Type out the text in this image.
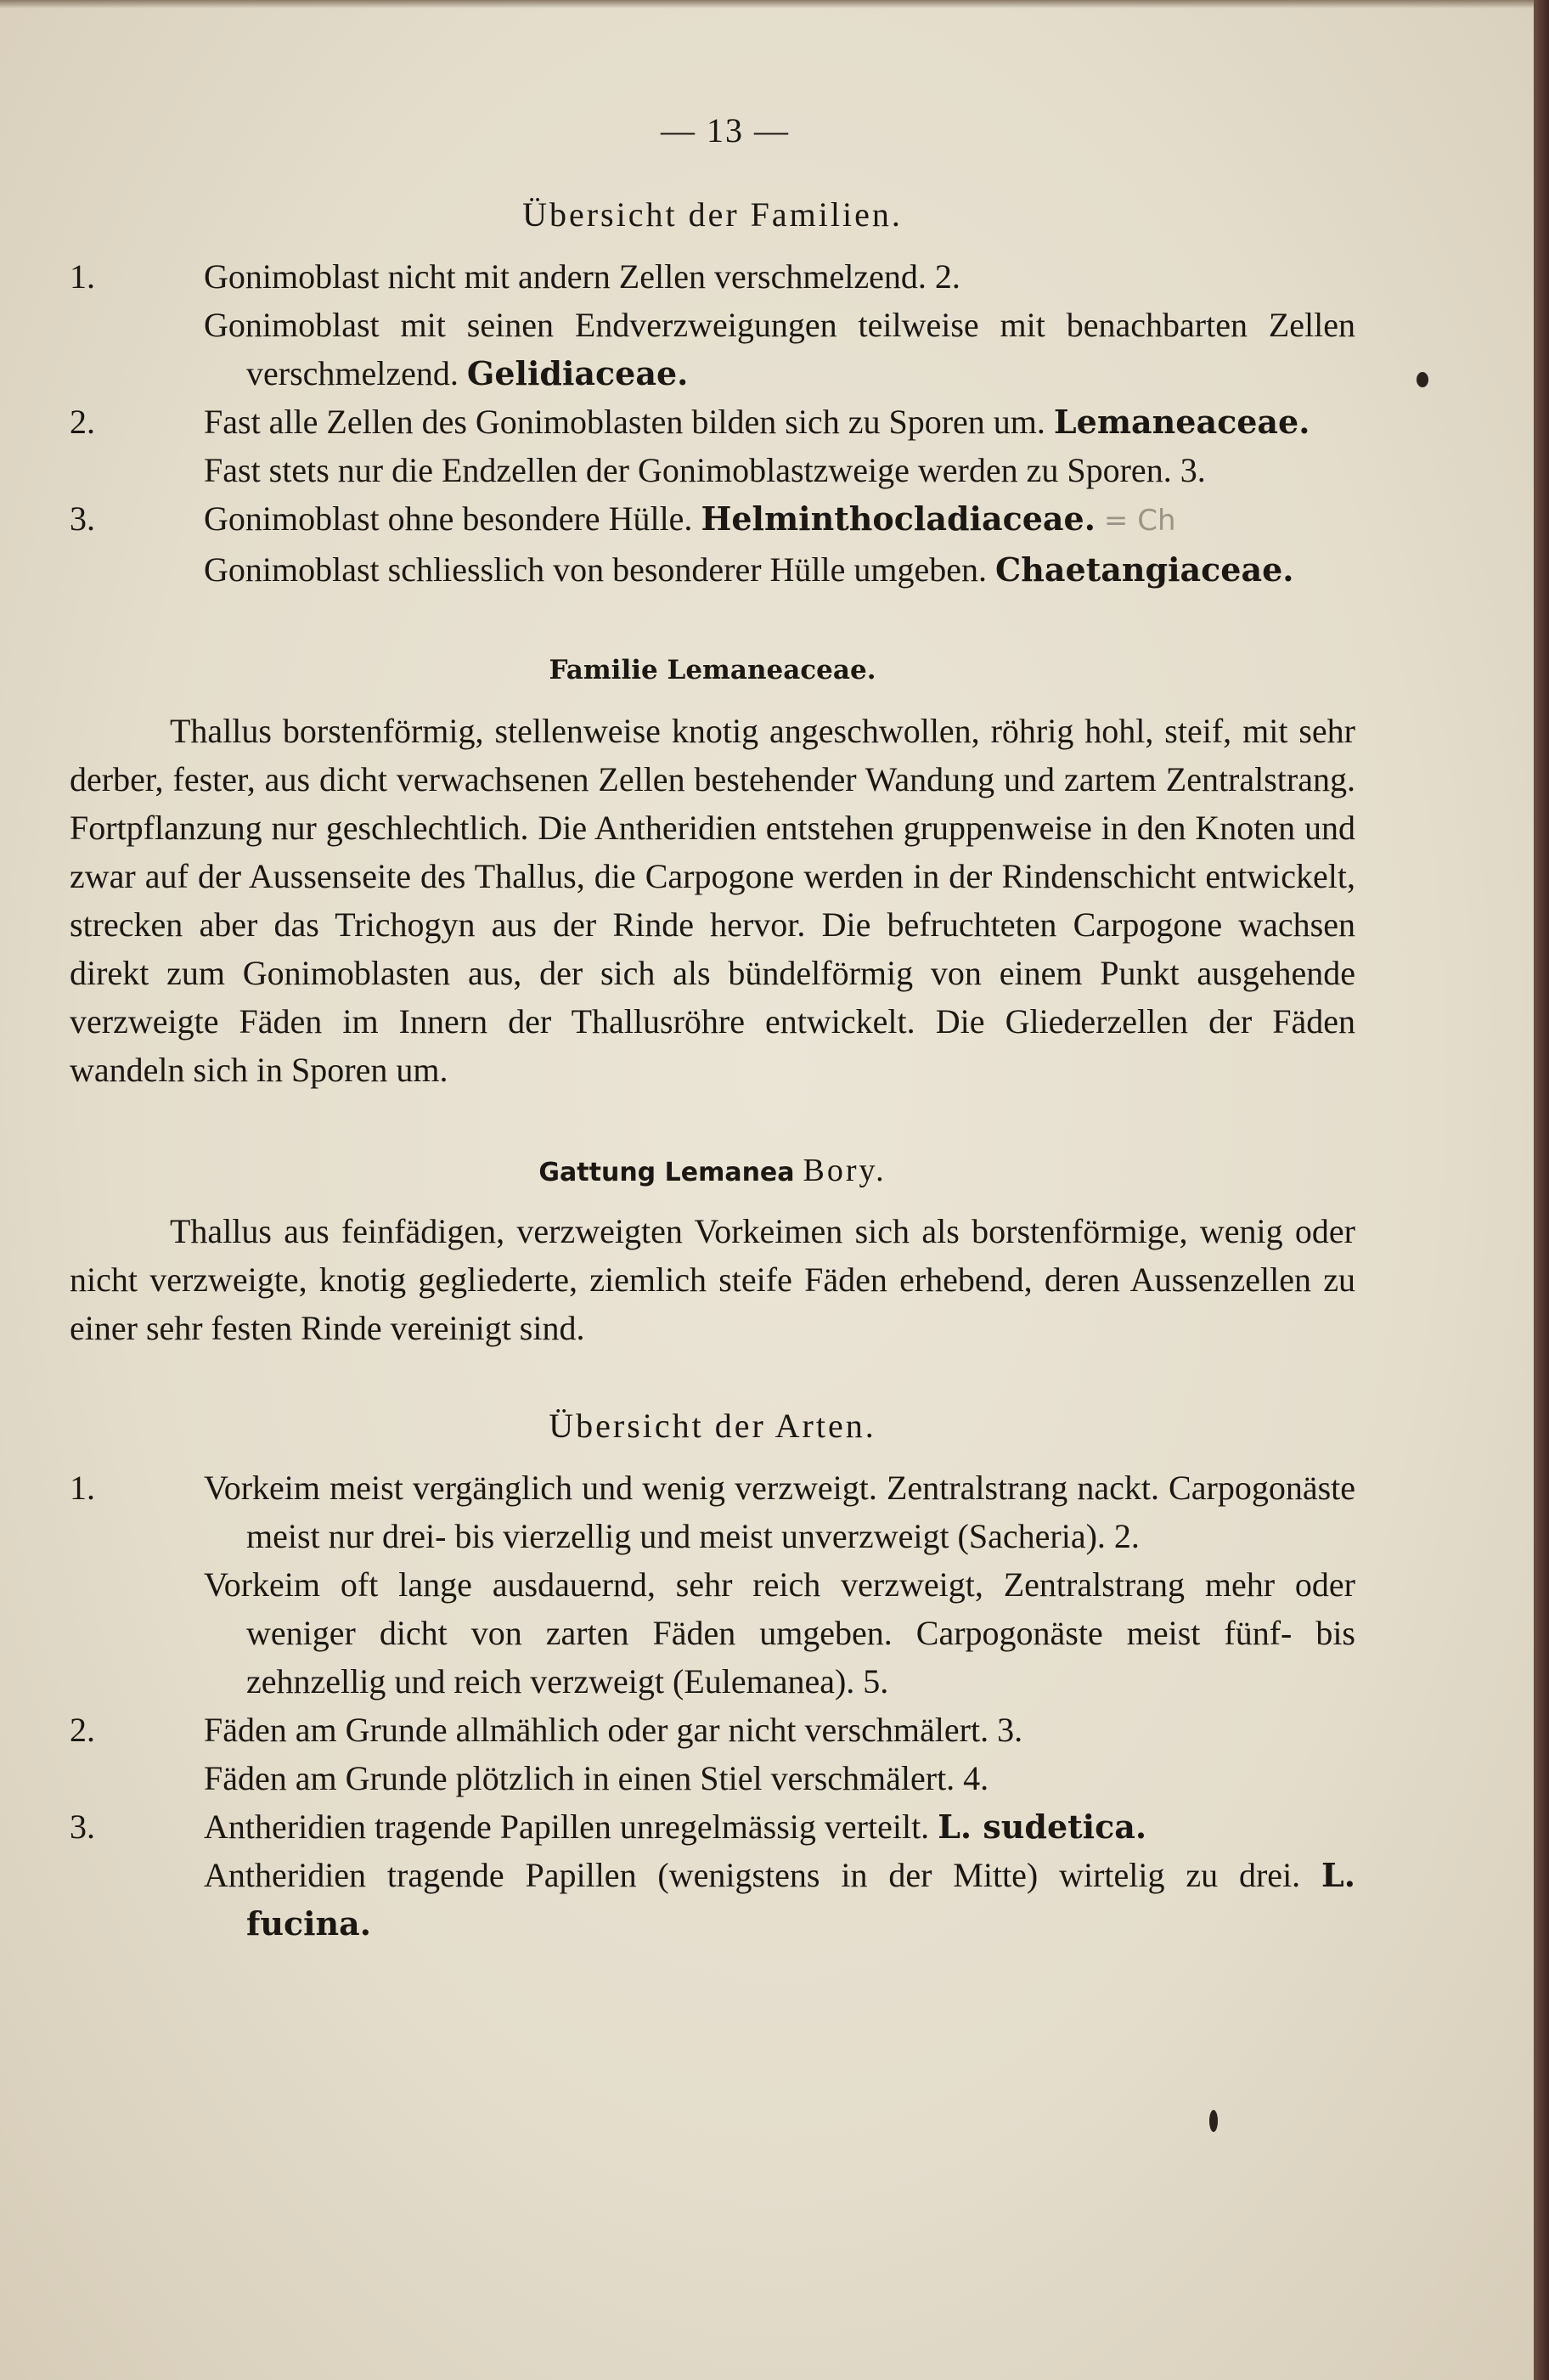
— 13 —
Übersicht der Familien.
1.	Gonimoblast nicht mit andern Zellen verschmelzend. 2.
Gonimoblast mit seinen Endverzweigungen teilweise mit benachbarten Zellen verschmelzend. Gelidiaceae.
2.	Fast alle Zellen des Gonimoblasten bilden sich zu Sporen um. Lemaneaceae.
Fast stets nur die Endzellen der Gonimoblastzweige werden zu Sporen. 3.
3.	Gonimoblast ohne besondere Hülle. Helminthocladiaceae. = Ch
Gonimoblast schliesslich von besonderer Hülle umgeben. Chaetangiaceae.
Familie Lemaneaceae.

Thallus borstenförmig, stellenweise knotig angeschwollen, röhrig hohl, steif, mit sehr derber, fester, aus dicht verwachsenen Zellen bestehender Wandung und zartem Zentralstrang. Fortpflanzung nur geschlechtlich. Die Antheridien entstehen gruppenweise in den Knoten und zwar auf der Aussenseite des Thallus, die Carpogone werden in der Rindenschicht entwickelt, strecken aber das Trichogyn aus der Rinde hervor. Die befruchteten Carpogone wachsen direkt zum Gonimoblasten aus, der sich als bündelförmig von einem Punkt ausgehende verzweigte Fäden im Innern der Thallusröhre entwickelt. Die Gliederzellen der Fäden wandeln sich in Sporen um.

Gattung Lemanea Bory.

Thallus aus feinfädigen, verzweigten Vorkeimen sich als borstenförmige, wenig oder nicht verzweigte, knotig gegliederte, ziemlich steife Fäden erhebend, deren Aussenzellen zu einer sehr festen Rinde vereinigt sind.

Übersicht der Arten.
1.	Vorkeim meist vergänglich und wenig verzweigt. Zentralstrang nackt. Carpogonäste meist nur drei- bis vierzellig und meist unverzweigt (Sacheria). 2.
Vorkeim oft lange ausdauernd, sehr reich verzweigt, Zentralstrang mehr oder weniger dicht von zarten Fäden umgeben. Carpogonäste meist fünf- bis zehnzellig und reich verzweigt (Eulemanea). 5.
2.	Fäden am Grunde allmählich oder gar nicht verschmälert. 3.
Fäden am Grunde plötzlich in einen Stiel verschmälert. 4.
3.	Antheridien tragende Papillen unregelmässig verteilt. L. sudetica.
Antheridien tragende Papillen (wenigstens in der Mitte) wirtelig zu drei. L. fucina.
